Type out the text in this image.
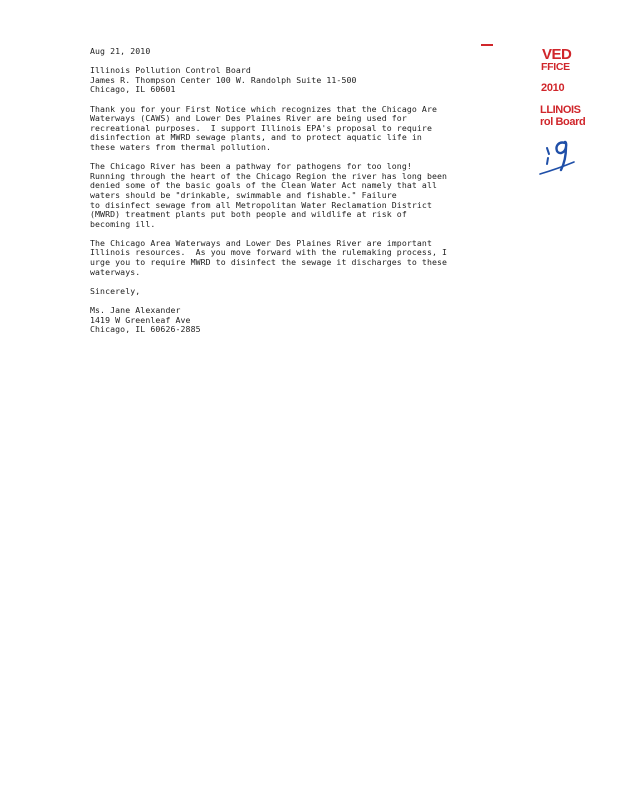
Aug 21, 2010
Illinois Pollution Control Board
James R. Thompson Center 100 W. Randolph Suite 11-500
Chicago, IL 60601
Thank you for your First Notice which recognizes that the Chicago Are
Waterways (CAWS) and Lower Des Plaines River are being used for
recreational purposes.  I support Illinois EPA's proposal to require
disinfection at MWRD sewage plants, and to protect aquatic life in
these waters from thermal pollution.
The Chicago River has been a pathway for pathogens for too long!
Running through the heart of the Chicago Region the river has long been
denied some of the basic goals of the Clean Water Act namely that all
waters should be "drinkable, swimmable and fishable." Failure
to disinfect sewage from all Metropolitan Water Reclamation District
(MWRD) treatment plants put both people and wildlife at risk of
becoming ill.
The Chicago Area Waterways and Lower Des Plaines River are important
Illinois resources.  As you move forward with the rulemaking process, I
urge you to require MWRD to disinfect the sewage it discharges to these
waterways.
Sincerely,
Ms. Jane Alexander
1419 W Greenleaf Ave
Chicago, IL 60626-2885
VED
FFICE
2010
LLINOIS
rol Board
